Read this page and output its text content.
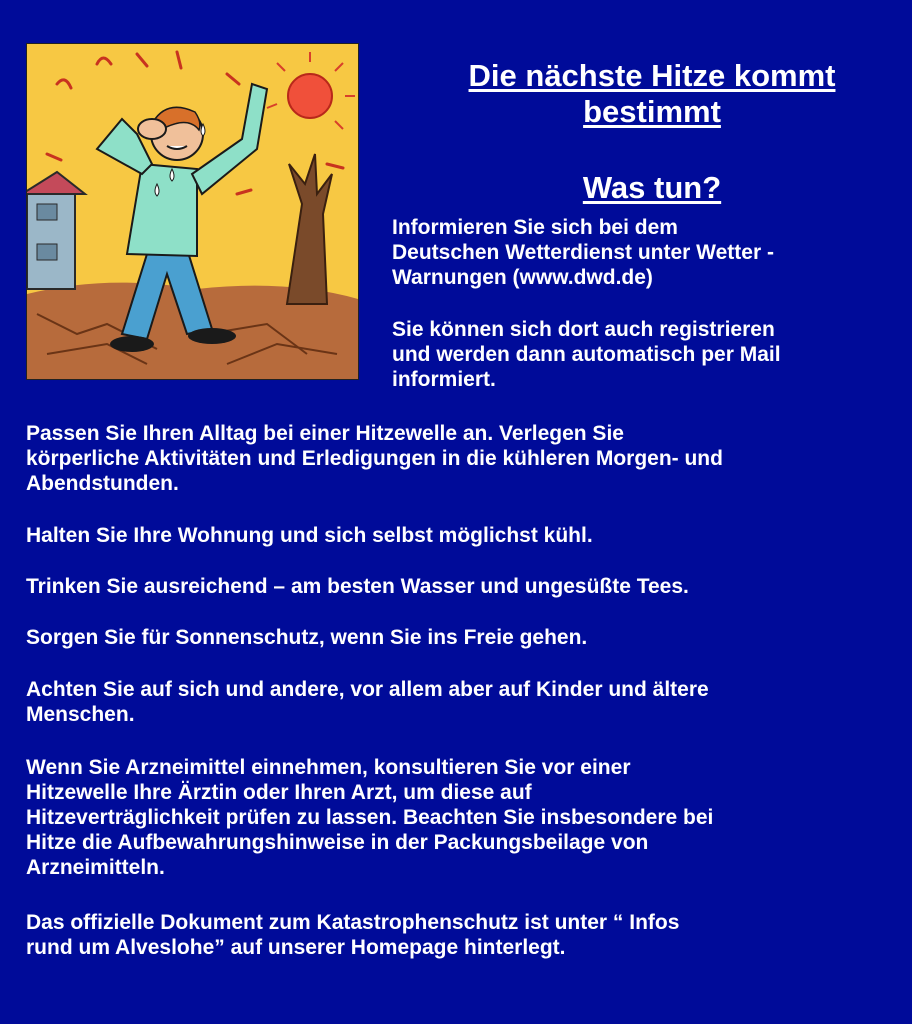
Die nächste Hitze kommt
bestimmt
Was tun?
Informieren Sie sich bei dem
Deutschen Wetterdienst unter Wetter -
Warnungen (www.dwd.de)
Sie können sich dort auch registrieren
und werden dann automatisch per Mail
informiert.
Passen Sie Ihren Alltag bei einer Hitzewelle an. Verlegen Sie
körperliche Aktivitäten und Erledigungen in die kühleren Morgen- und
Abendstunden.
Halten Sie Ihre Wohnung und sich selbst möglichst kühl.
Trinken Sie ausreichend – am besten Wasser und ungesüßte Tees.
Sorgen Sie für Sonnenschutz, wenn Sie ins Freie gehen.
Achten Sie auf sich und andere, vor allem aber auf Kinder und ältere
Menschen.
Wenn Sie Arzneimittel einnehmen, konsultieren Sie vor einer
Hitzewelle Ihre Ärztin oder Ihren Arzt, um diese auf
Hitzeverträglichkeit prüfen zu lassen. Beachten Sie insbesondere bei
Hitze die Aufbewahrungshinweise in der Packungsbeilage von
Arzneimitteln.
Das offizielle Dokument zum Katastrophenschutz ist unter “ Infos
rund um Alveslohe” auf unserer Homepage hinterlegt.
